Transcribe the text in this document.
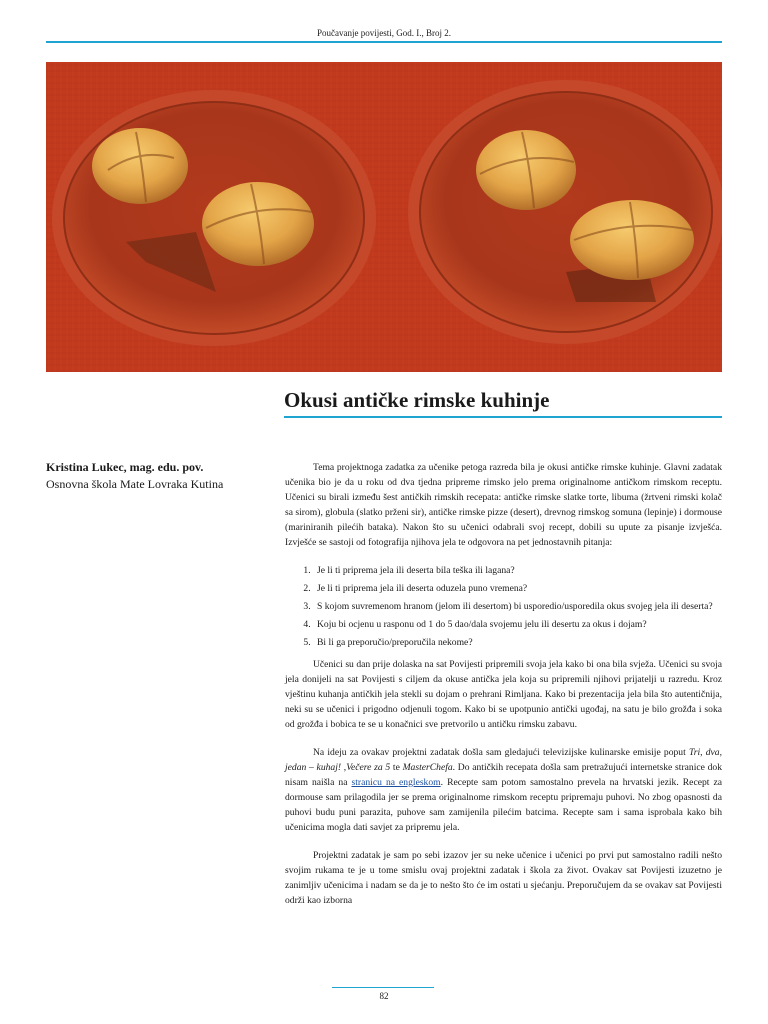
Poučavanje povijesti, God. I., Broj 2.
Okusi antičke rimske kuhinje
Kristina Lukec, mag. edu. pov.
Osnovna škola Mate Lovraka Kutina

Tema projektnoga zadatka za učenike petoga razreda bila je okusi antičke rimske kuhinje. Glavni zadatak učenika bio je da u roku od dva tjedna pripreme rimsko jelo prema originalnome antičkom rimskom receptu. Učenici su birali između šest antičkih rimskih recepata: antičke rimske slatke torte, libuma (žrtveni rimski kolač sa sirom), globula (slatko prženi sir), antičke rimske pizze (desert), drevnog rimskog somuna (lepinje) i dormouse (mariniranih pilećih bataka). Nakon što su učenici odabrali svoj recept, dobili su upute za pisanje izvješća. Izvješće se sastoji od fotografija njihova jela te odgovora na pet jednostavnih pitanja:

1. Je li ti priprema jela ili deserta bila teška ili lagana?
2. Je li ti priprema jela ili deserta oduzela puno vremena?
3. S kojom suvremenom hranom (jelom ili desertom) bi usporedio/usporedila okus svojeg jela ili deserta?
4. Koju bi ocjenu u rasponu od 1 do 5 dao/dala svojemu jelu ili desertu za okus i dojam?
5. Bi li ga preporučio/preporučila nekome?

Učenici su dan prije dolaska na sat Povijesti pripremili svoja jela kako bi ona bila svježa. Učenici su svoja jela donijeli na sat Povijesti s ciljem da okuse antička jela koja su pripremili njihovi prijatelji u razredu. Kroz vještinu kuhanja antičkih jela stekli su dojam o prehrani Rimljana. Kako bi prezentacija jela bila što autentičnija, neki su se učenici i prigodno odjenuli togom. Kako bi se upotpunio antički ugođaj, na satu je bilo grožđa i soka od grožđa i bobica te se u konačnici sve pretvorilo u antičku rimsku zabavu.

Na ideju za ovakav projektni zadatak došla sam gledajući televizijske kulinarske emisije poput Tri, dva, jedan – kuhaj! ,Večere za 5 te MasterChefa. Do antičkih recepata došla sam pretražujući internetske stranice dok nisam naišla na stranicu na engleskom. Recepte sam potom samostalno prevela na hrvatski jezik. Recept za dormouse sam prilagodila jer se prema originalnome rimskom receptu pripremaju puhovi. No zbog opasnosti da puhovi budu puni parazita, puhove sam zamijenila pilećim batcima. Recepte sam i sama isprobala kako bih učenicima mogla dati savjet za pripremu jela.

Projektni zadatak je sam po sebi izazov jer su neke učenice i učenici po prvi put samostalno radili nešto svojim rukama te je u tome smislu ovaj projektni zadatak i škola za život. Ovakav sat Povijesti izuzetno je zanimljiv učenicima i nadam se da je to nešto što će im ostati u sjećanju. Preporučujem da se ovakav sat Povijesti održi kao izborna

82
